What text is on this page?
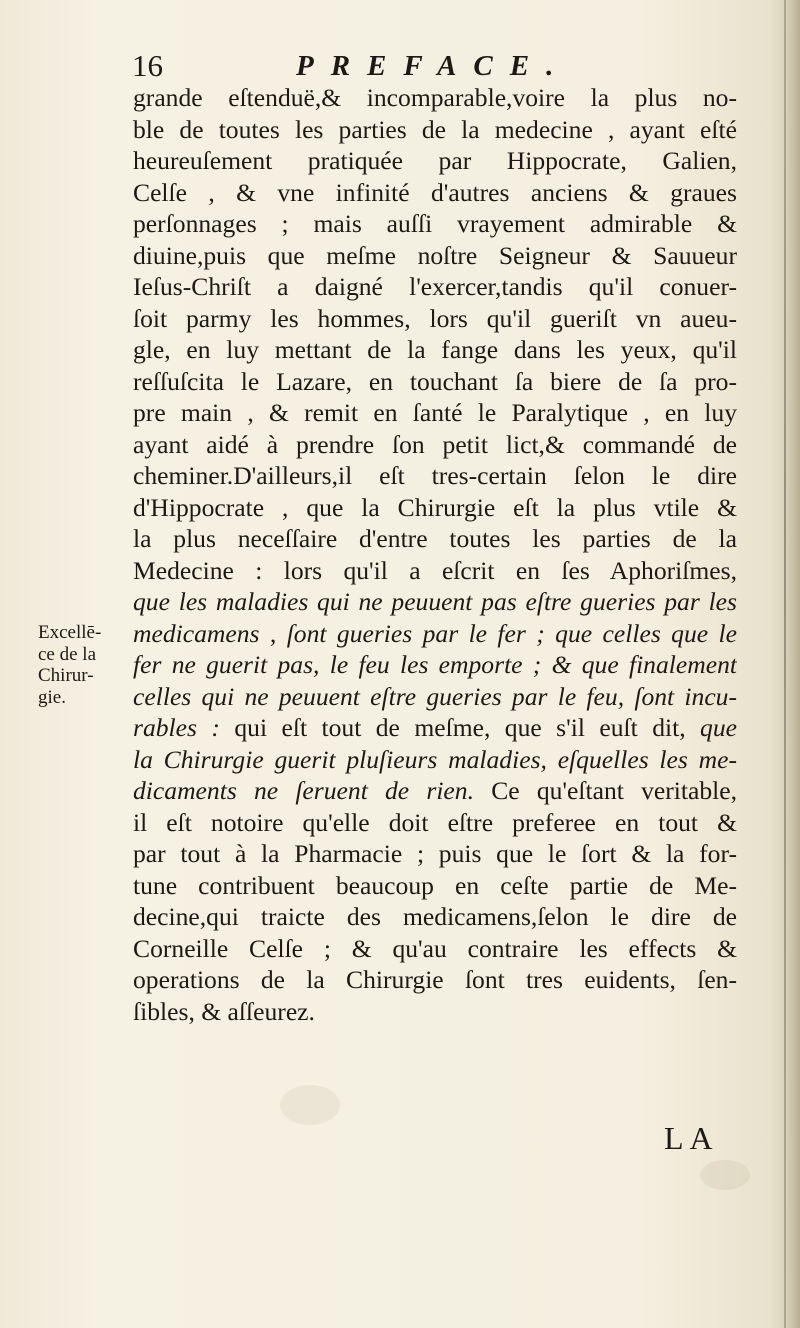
16	PREFACE.
Excellē-
ce de la
Chirur-
gie.
grande eſtenduë,& incomparable,voire la plus no-
ble de toutes les parties de la medecine , ayant eſté
heureuſement pratiquée par Hippocrate, Galien,
Celſe , & vne infinité d'autres anciens & graues
perſonnages ; mais auſſi vrayement admirable &
diuine,puis que meſme noſtre Seigneur & Sauueur
Ieſus-Chriſt a daigné l'exercer,tandis qu'il conuer-
ſoit parmy les hommes, lors qu'il gueriſt vn aueu-
gle, en luy mettant de la fange dans les yeux, qu'il
reſſuſcita le Lazare, en touchant ſa biere de ſa pro-
pre main , & remit en ſanté le Paralytique , en luy
ayant aidé à prendre ſon petit lict,& commandé de
cheminer.D'ailleurs,il eſt tres-certain ſelon le dire
d'Hippocrate , que la Chirurgie eſt la plus vtile &
la plus neceſſaire d'entre toutes les parties de la
Medecine : lors qu'il a eſcrit en ſes Aphoriſmes,
que les maladies qui ne peuuent pas eſtre gueries par les
medicamens , ſont gueries par le fer ; que celles que le
fer ne guerit pas, le feu les emporte ; & que finalement
celles qui ne peuuent eſtre gueries par le feu, ſont incu-
rables : qui eſt tout de meſme, que s'il euſt dit, que
la Chirurgie guerit pluſieurs maladies, eſquelles les me-
dicaments ne ſeruent de rien. Ce qu'eſtant veritable,
il eſt notoire qu'elle doit eſtre preferee en tout &
par tout à la Pharmacie ; puis que le ſort & la for-
tune contribuent beaucoup en ceſte partie de Me-
decine,qui traicte des medicamens,ſelon le dire de
Corneille Celſe ; & qu'au contraire les effects &
operations de la Chirurgie ſont tres euidents, ſen-
ſibles, & aſſeurez.
LA
